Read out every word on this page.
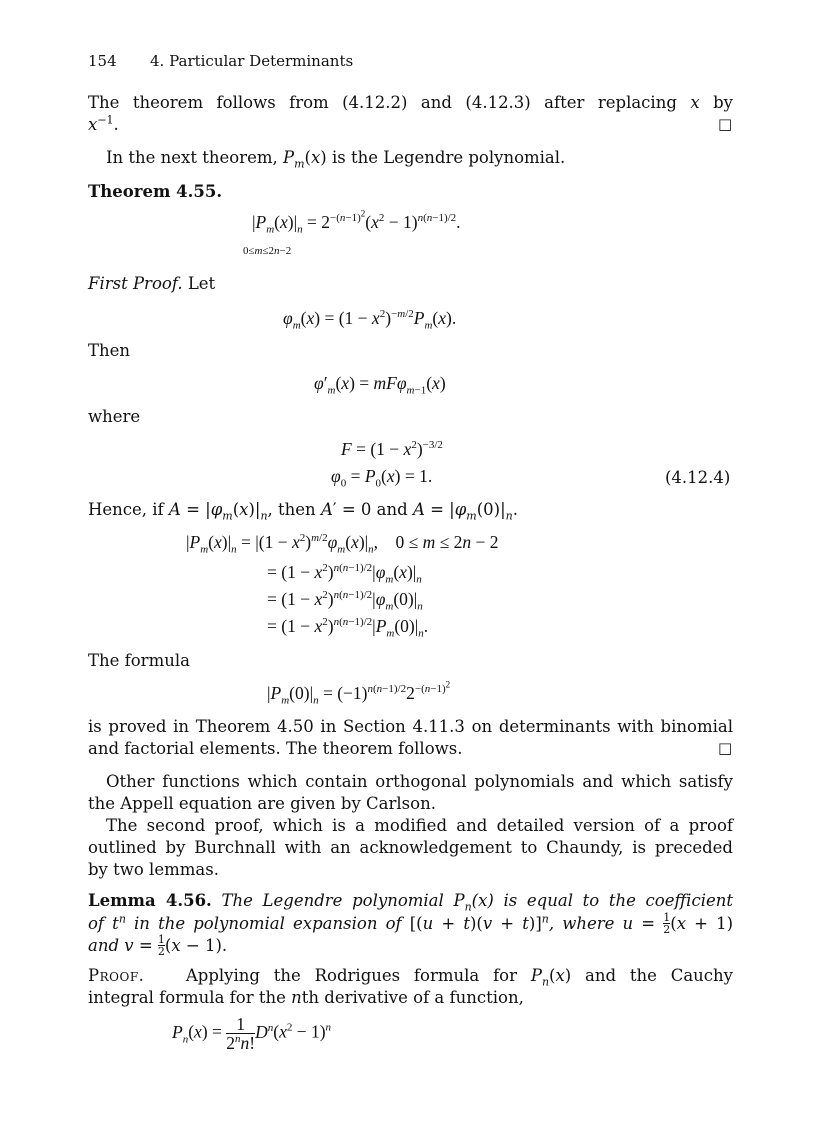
154 4. Particular Determinants
The theorem follows from (4.12.2) and (4.12.3) after replacing x by
$x^{-1}$.	□
In the next theorem, $P_m(x)$ is the Legendre polynomial.
Theorem 4.55.
$|P_m(x)|_n = 2^{-(n-1)^2}(x^2 - 1)^{n(n-1)/2}$.
0≤m≤2n−2
First Proof. Let
$\varphi_m(x) = (1 - x^2)^{-m/2}P_m(x)$.
Then
$\varphi'_m(x) = mF\varphi_{m-1}(x)$
where
$F = (1 - x^2)^{-3/2}$
$\varphi_0 = P_0(x) = 1$.	(4.12.4)
Hence, if $A = |\varphi_m(x)|_n$, then A′ = 0 and $A = |\varphi_m(0)|_n$.
$|P_m(x)|_n = |(1 - x^2)^{m/2}\varphi_m(x)|_n$,    0 ≤ m ≤ 2n − 2
= $(1 - x^2)^{n(n-1)/2}|\varphi_m(x)|_n$
= $(1 - x^2)^{n(n-1)/2}|\varphi_m(0)|_n$
= $(1 - x^2)^{n(n-1)/2}|P_m(0)|_n$.
The formula
$|P_m(0)|_n = (-1)^{n(n-1)/2}2^{-(n-1)^2}$
is proved in Theorem 4.50 in Section 4.11.3 on determinants with binomial
and factorial elements. The theorem follows.	□
Other functions which contain orthogonal polynomials and which satisfy
the Appell equation are given by Carlson.
The second proof, which is a modified and detailed version of a proof
outlined by Burchnall with an acknowledgement to Chaundy, is preceded
by two lemmas.
Lemma 4.56. The Legendre polynomial $P_n(x)$ is equal to the coefficient
of $t^n$ in the polynomial expansion of $[(u + t)(v + t)]^n$, where $u = \frac{1}{2} (x + 1)$
and $v = \frac{1}{2} (x - 1)$.
Proof.   Applying the Rodrigues formula for $P_n(x)$ and the Cauchy
integral formula for the nth derivative of a function,
$P_n(x) = \frac{1}{2^nn!} D^n(x^2 - 1)^n$
